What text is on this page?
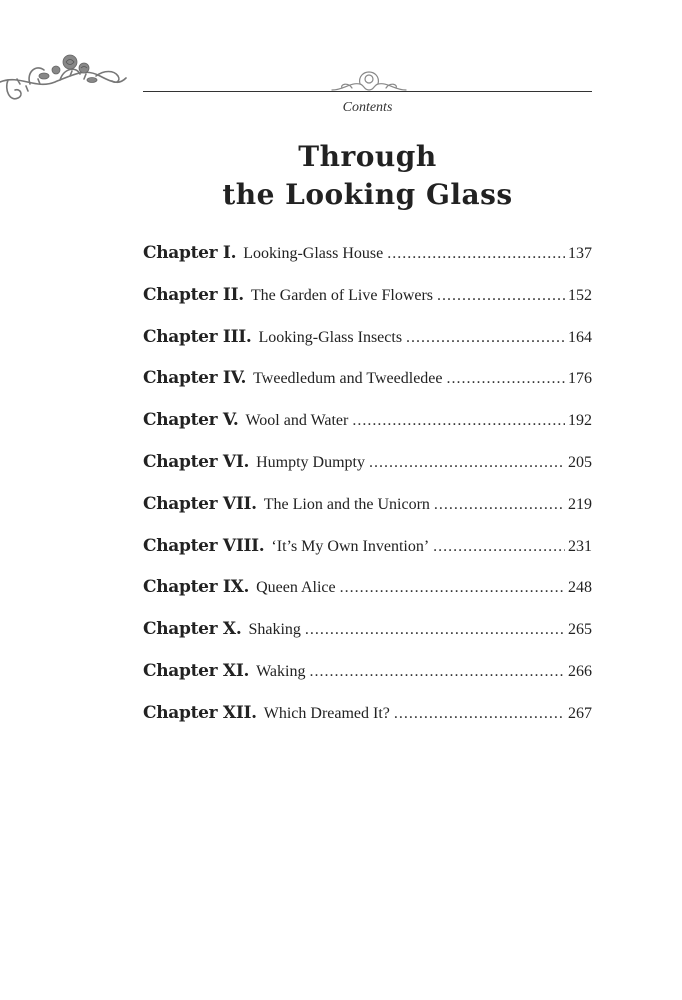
Contents
Through
the Looking Glass
Chapter I. Looking-Glass House .....	137
Chapter II. The Garden of Live Flowers .....	152
Chapter III. Looking-Glass Insects .....	164
Chapter IV. Tweedledum and Tweedledee .....	176
Chapter V. Wool and Water .....	192
Chapter VI. Humpty Dumpty .....	205
Chapter VII. The Lion and the Unicorn .....	219
Chapter VIII. ‘It’s My Own Invention’ .....	231
Chapter IX. Queen Alice .....	248
Chapter X. Shaking .....	265
Chapter XI. Waking .....	266
Chapter XII. Which Dreamed It? .....	267
